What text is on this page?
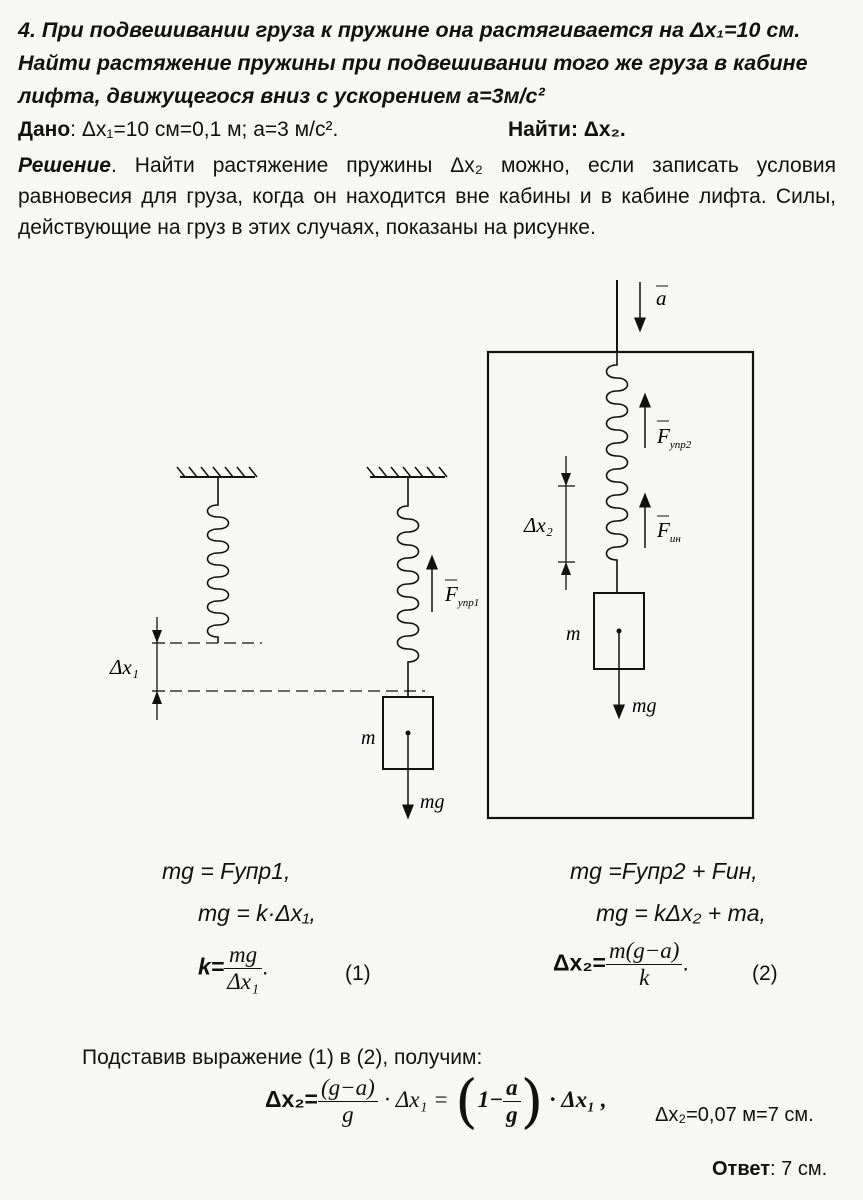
4. При подвешивании груза к пружине она растягивается на Δx₁=10 см. Найти растяжение пружины при подвешивании того же груза в кабине лифта, движущегося вниз с ускорением a=3м/c²
Дано: Δx₁=10 см=0,1 м; a=3 м/c².	Найти: Δx₂.
Решение. Найти растяжение пружины Δx₂ можно, если записать условия равновесия для груза, когда он находится вне кабины и в кабине лифта. Силы, действующие на груз в этих случаях, показаны на рисунке.
Δx₁
m
mg
$F_{упр1}$
a
m
mg
$F_{упр2}$
$F_{ин}$
Δx₂
mg = Fупр1,
mg = k·Δx₁,
$k= \frac{mg}{\text{Δx₁}}$ .	(1)
mg =Fупр2 + Fин,
mg = kΔx₂ + ma,
$\Delta x_2= \frac{m(g-a)}{k}$ .	(2)
Подставив выражение (1) в (2), получим:
$\Delta x_2= \frac{(g-a)}{g} \cdot \Delta x_1 = (1- \frac{a}{g}$ ) · Δx₁ ,
Δx₂=0,07 м=7 см.
Ответ: 7 см.
